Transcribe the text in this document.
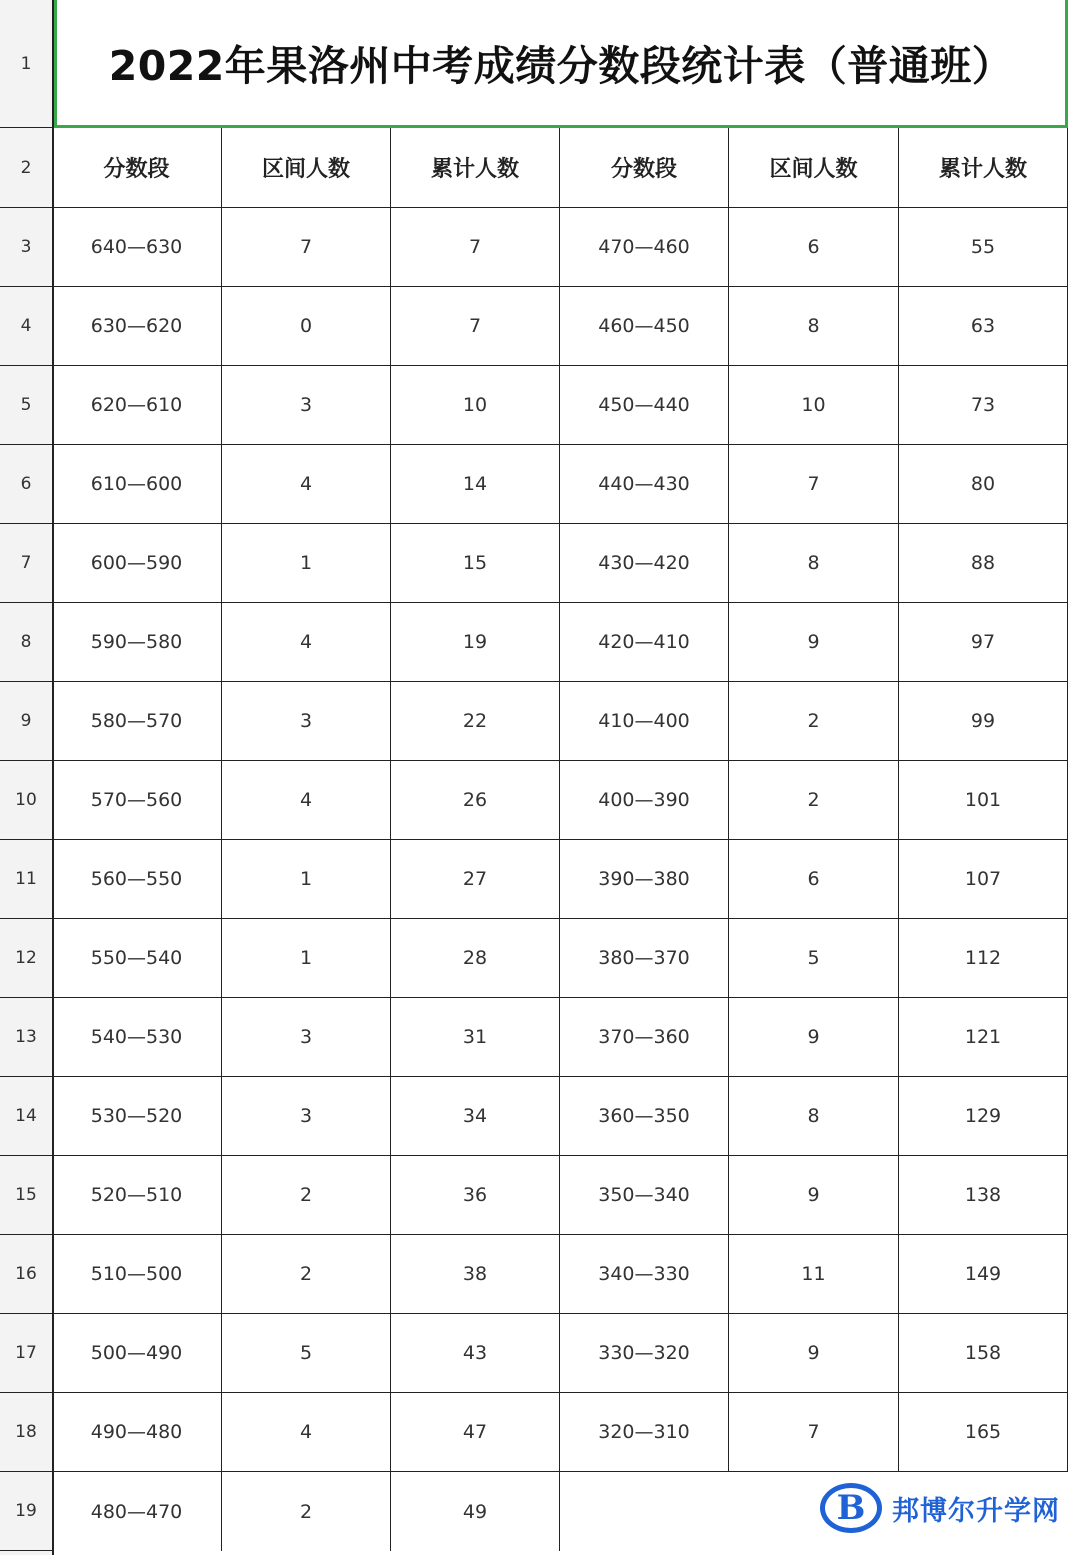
1
2
3
4
5
6
7
8
9
10
11
12
13
14
15
16
17
18
19
2022年果洛州中考成绩分数段统计表（普通班）
分数段	区间人数	累计人数	分数段	区间人数	累计人数
640—630	7	7	470—460	6	55
630—620	0	7	460—450	8	63
620—610	3	10	450—440	10	73
610—600	4	14	440—430	7	80
600—590	1	15	430—420	8	88
590—580	4	19	420—410	9	97
580—570	3	22	410—400	2	99
570—560	4	26	400—390	2	101
560—550	1	27	390—380	6	107
550—540	1	28	380—370	5	112
540—530	3	31	370—360	9	121
530—520	3	34	360—350	8	129
520—510	2	36	350—340	9	138
510—500	2	38	340—330	11	149
500—490	5	43	330—320	9	158
490—480	4	47	320—310	7	165
480—470	2	49	B 邦博尔升学网
